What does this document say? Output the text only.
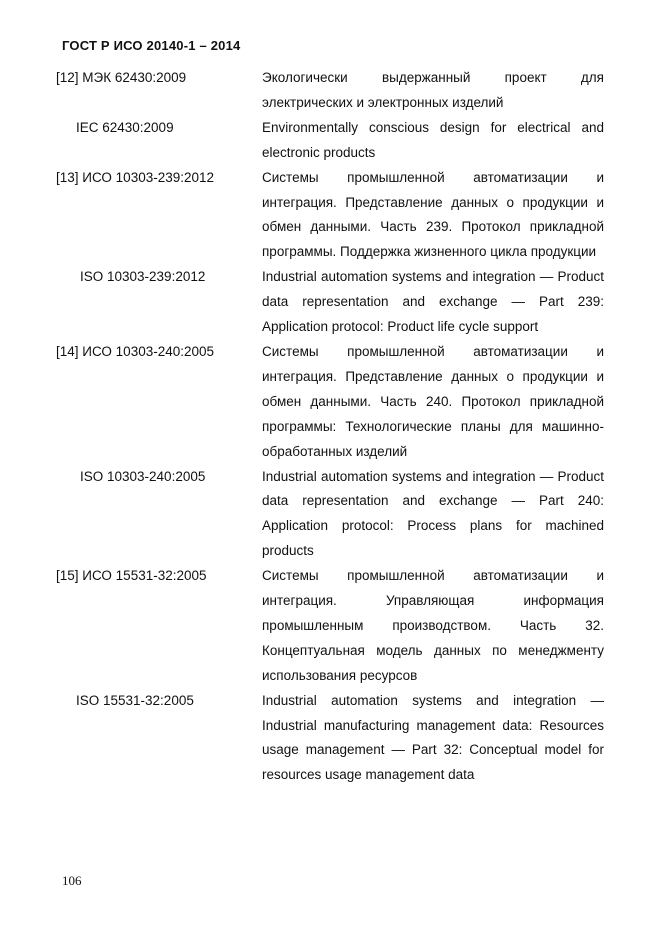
ГОСТ Р ИСО 20140-1 – 2014
[12] МЭК 62430:2009	Экологически выдержанный проект для электрических и электронных изделий
IEC 62430:2009	Environmentally conscious design for electrical and electronic products
[13] ИСО 10303-239:2012	Системы промышленной автоматизации и интеграция. Представление данных о продукции и обмен данными. Часть 239. Протокол прикладной программы. Поддержка жизненного цикла продукции
ISO 10303-239:2012	Industrial automation systems and integration — Product data representation and exchange — Part 239: Application protocol: Product life cycle support
[14] ИСО 10303-240:2005	Системы промышленной автоматизации и интеграция. Представление данных о продукции и обмен данными. Часть 240. Протокол прикладной программы: Технологические планы для машиннообработанных изделий
ISO 10303-240:2005	Industrial automation systems and integration — Product data representation and exchange — Part 240: Application protocol: Process plans for machined products
[15] ИСО 15531-32:2005	Системы промышленной автоматизации и интеграция. Управляющая информация промышленным производством. Часть 32. Концептуальная модель данных по менеджменту использования ресурсов
ISO 15531-32:2005	Industrial automation systems and integration — Industrial manufacturing management data: Resources usage management — Part 32: Conceptual model for resources usage management data
106
